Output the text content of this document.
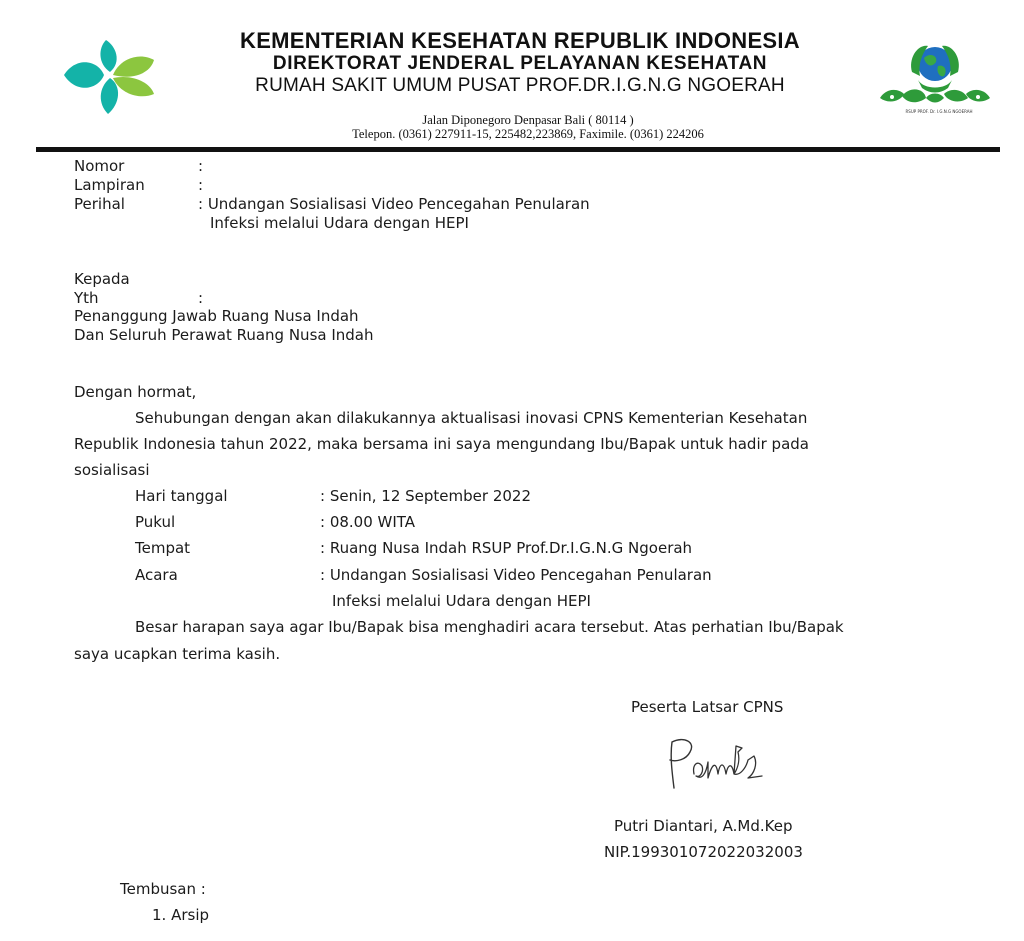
KEMENTERIAN KESEHATAN REPUBLIK INDONESIA
DIREKTORAT JENDERAL PELAYANAN KESEHATAN
RUMAH SAKIT UMUM PUSAT PROF.DR.I.G.N.G NGOERAH
Jalan Diponegoro Denpasar Bali ( 80114 )
Telepon. (0361) 227911-15, 225482,223869, Faximile. (0361) 224206
RSUP PROF. Dr. I.G.N.G NGOERAH
Nomor	:
Lampiran	:
Perihal	: Undangan Sosialisasi Video Pencegahan Penularan
Infeksi melalui Udara dengan HEPI
Kepada
Yth	:
Penanggung Jawab Ruang Nusa Indah
Dan Seluruh Perawat Ruang Nusa Indah
Dengan hormat,
Sehubungan dengan akan dilakukannya aktualisasi inovasi CPNS Kementerian Kesehatan
Republik Indonesia tahun 2022, maka bersama ini saya mengundang Ibu/Bapak untuk hadir pada
sosialisasi
Hari tanggal	: Senin, 12 September 2022
Pukul	: 08.00 WITA
Tempat	: Ruang Nusa Indah RSUP Prof.Dr.I.G.N.G Ngoerah
Acara	: Undangan Sosialisasi Video Pencegahan Penularan
Infeksi melalui Udara dengan HEPI
Besar harapan saya agar Ibu/Bapak bisa menghadiri acara tersebut. Atas perhatian Ibu/Bapak
saya ucapkan terima kasih.
Peserta Latsar CPNS
Putri Diantari, A.Md.Kep
NIP.199301072022032003
Tembusan :
1. Arsip
